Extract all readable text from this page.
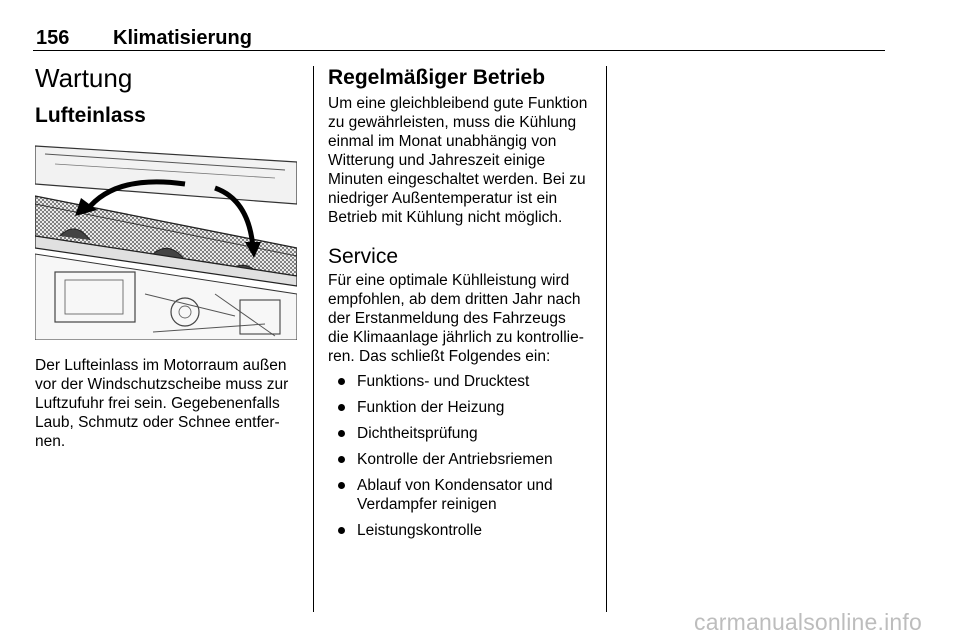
156 Klimatisierung
Wartung
Lufteinlass

Der Lufteinlass im Motorraum außen

vor der Windschutzscheibe muss zur

Luftzufuhr frei sein. Gegebenenfalls

Laub, Schmutz oder Schnee entfer-

nen.

Regelmäßiger Betrieb

Um eine gleichbleibend gute Funktion

zu gewährleisten, muss die Kühlung

einmal im Monat unabhängig von

Witterung und Jahreszeit einige

Minuten eingeschaltet werden. Bei zu

niedriger Außentemperatur ist ein

Betrieb mit Kühlung nicht möglich.

Service

Für eine optimale Kühlleistung wird

empfohlen, ab dem dritten Jahr nach

der Erstanmeldung des Fahrzeugs

die Klimaanlage jährlich zu kontrollie-

ren. Das schließt Folgendes ein:

Funktions- und Drucktest
Funktion der Heizung
Dichtheitsprüfung
Kontrolle der Antriebsriemen
Ablauf von Kondensator und Verdampfer reinigen
Leistungskontrolle
carmanualsonline.info
